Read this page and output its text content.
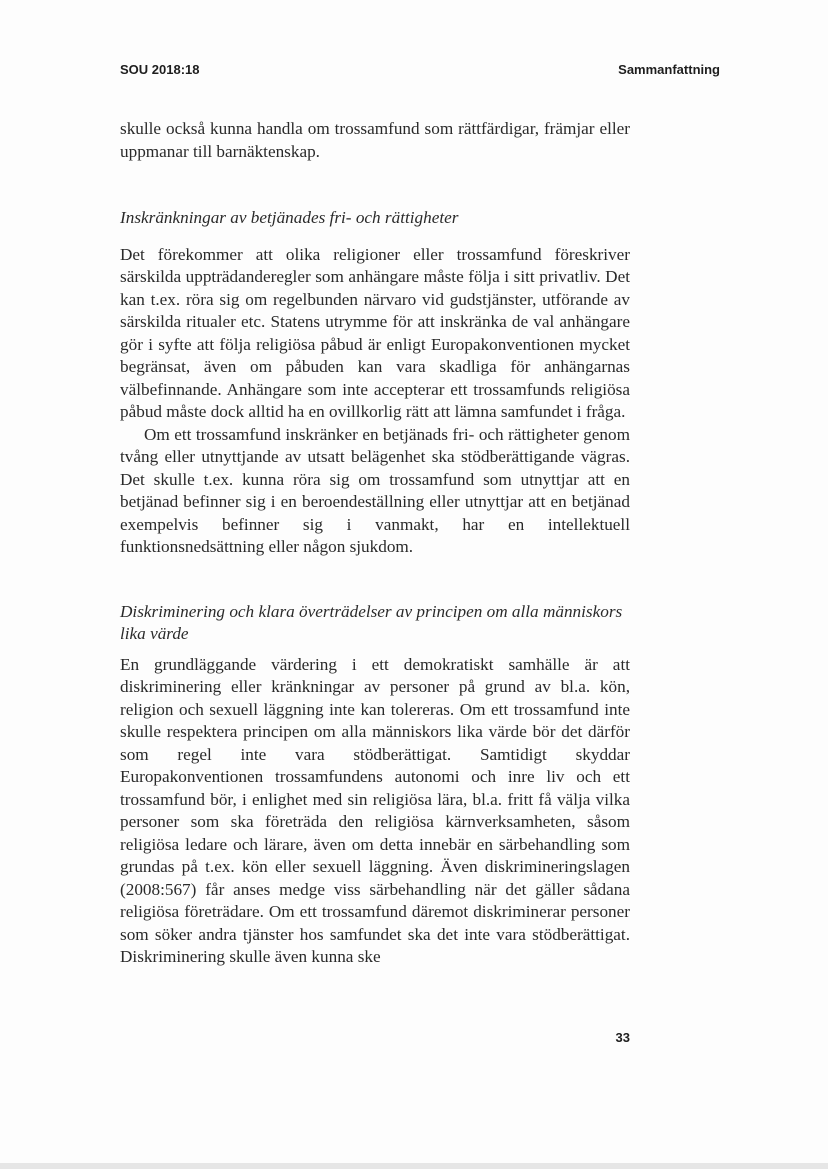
SOU 2018:18	Sammanfattning

skulle också kunna handla om trossamfund som rättfärdigar, främjar eller uppmanar till barnäktenskap.

Inskränkningar av betjänades fri- och rättigheter

Det förekommer att olika religioner eller trossamfund föreskriver särskilda uppträdanderegler som anhängare måste följa i sitt privatliv. Det kan t.ex. röra sig om regelbunden närvaro vid gudstjänster, utförande av särskilda ritualer etc. Statens utrymme för att inskränka de val anhängare gör i syfte att följa religiösa påbud är enligt Europakonventionen mycket begränsat, även om påbuden kan vara skadliga för anhängarnas välbefinnande. Anhängare som inte accepterar ett trossamfunds religiösa påbud måste dock alltid ha en ovillkorlig rätt att lämna samfundet i fråga.

Om ett trossamfund inskränker en betjänads fri- och rättigheter genom tvång eller utnyttjande av utsatt belägenhet ska stödberättigande vägras. Det skulle t.ex. kunna röra sig om trossamfund som utnyttjar att en betjänad befinner sig i en beroendeställning eller utnyttjar att en betjänad exempelvis befinner sig i vanmakt, har en intellektuell funktionsnedsättning eller någon sjukdom.

Diskriminering och klara överträdelser av principen om alla människors lika värde

En grundläggande värdering i ett demokratiskt samhälle är att diskriminering eller kränkningar av personer på grund av bl.a. kön, religion och sexuell läggning inte kan tolereras. Om ett trossamfund inte skulle respektera principen om alla människors lika värde bör det därför som regel inte vara stödberättigat. Samtidigt skyddar Europakonventionen trossamfundens autonomi och inre liv och ett trossamfund bör, i enlighet med sin religiösa lära, bl.a. fritt få välja vilka personer som ska företräda den religiösa kärnverksamheten, såsom religiösa ledare och lärare, även om detta innebär en särbehandling som grundas på t.ex. kön eller sexuell läggning. Även diskrimineringslagen (2008:567) får anses medge viss särbehandling när det gäller sådana religiösa företrädare. Om ett trossamfund däremot diskriminerar personer som söker andra tjänster hos samfundet ska det inte vara stödberättigat. Diskriminering skulle även kunna ske

33
